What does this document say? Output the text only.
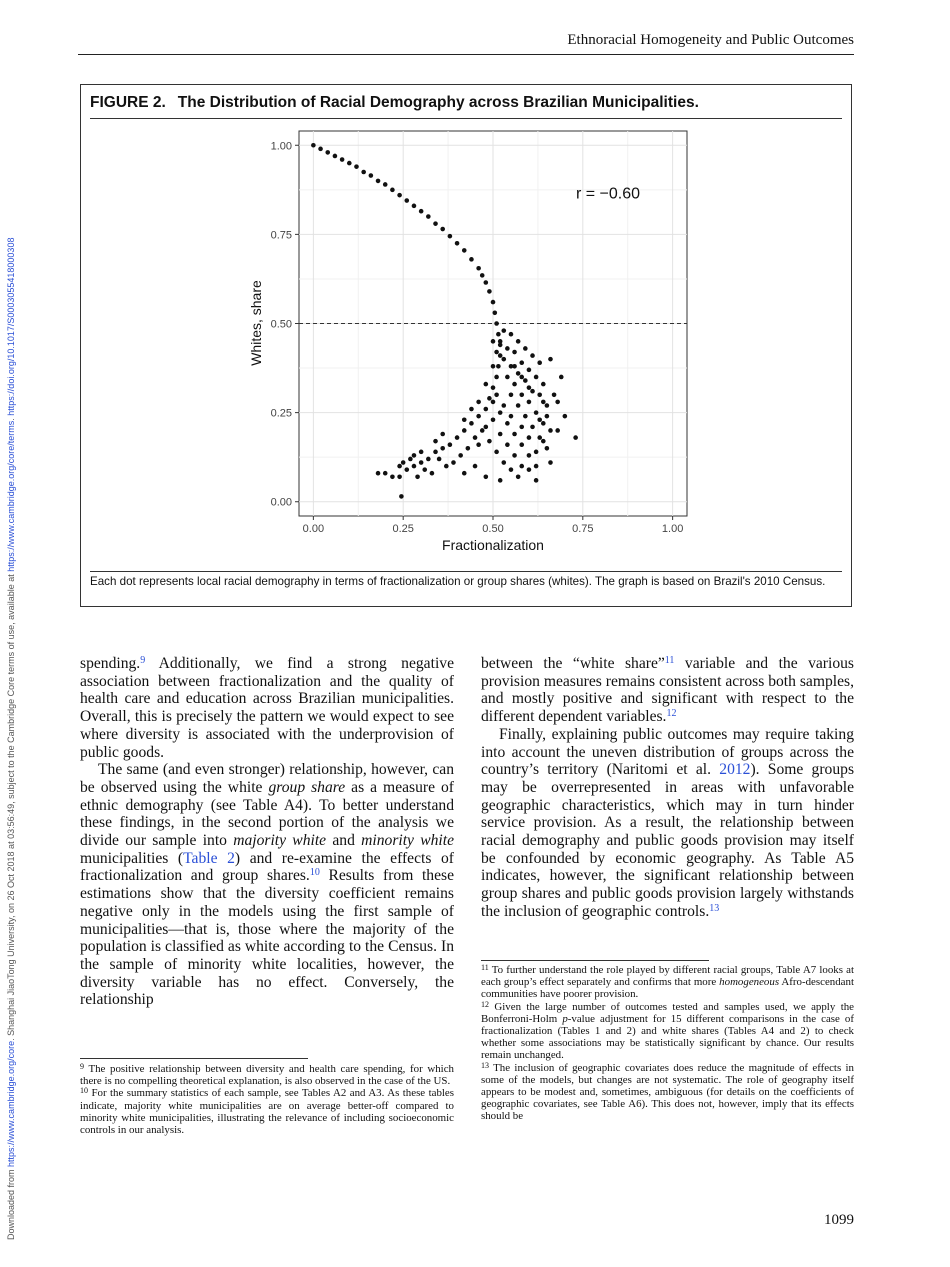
Downloaded from https://www.cambridge.org/core. Shanghai JiaoTong University, on 26 Oct 2018 at 03:56:49, subject to the Cambridge Core terms of use, available at https://www.cambridge.org/core/terms. https://doi.org/10.1017/S0003055418000308
Ethnoracial Homogeneity and Public Outcomes
FIGURE 2. The Distribution of Racial Demography across Brazilian Municipalities.
0.00	0.25	0.50	0.75	1.00
0.00
0.25
0.50
0.75
1.00
r = −0.60
Fractionalization
Whites, share
Each dot represents local racial demography in terms of fractionalization or group shares (whites). The graph is based on Brazil's 2010 Census.

spending.$^9$ Additionally, we find a strong negative association between fractionalization and the quality of health care and education across Brazilian municipalities. Overall, this is precisely the pattern we would expect to see where diversity is associated with the underprovision of public goods.

The same (and even stronger) relationship, however, can be observed using the white group share as a measure of ethnic demography (see Table A4). To better understand these findings, in the second portion of the analysis we divide our sample into majority white and minority white municipalities (Table 2) and re-examine the effects of fractionalization and group shares.$^{10}$ Results from these estimations show that the diversity coefficient remains negative only in the models using the first sample of municipalities—that is, those where the majority of the population is classified as white according to the Census. In the sample of minority white localities, however, the diversity variable has no effect. Conversely, the relationship

between the “white share”$^{11}$ variable and the various provision measures remains consistent across both samples, and mostly positive and significant with respect to the different dependent variables.$^{12}$

Finally, explaining public outcomes may require taking into account the uneven distribution of groups across the country’s territory (Naritomi et al. 2012). Some groups may be overrepresented in areas with unfavorable geographic characteristics, which may in turn hinder service provision. As a result, the relationship between racial demography and public goods provision may itself be confounded by economic geography. As Table A5 indicates, however, the significant relationship between group shares and public goods provision largely withstands the inclusion of geographic controls.$^{13}$

$^9$ The positive relationship between diversity and health care spending, for which there is no compelling theoretical explanation, is also observed in the case of the US.

$^{10}$ For the summary statistics of each sample, see Tables A2 and A3. As these tables indicate, majority white municipalities are on average better-off compared to minority white municipalities, illustrating the relevance of including socioeconomic controls in our analysis.

$^{11}$ To further understand the role played by different racial groups, Table A7 looks at each group’s effect separately and confirms that more homogeneous Afro-descendant communities have poorer provision.

$^{12}$ Given the large number of outcomes tested and samples used, we apply the Bonferroni-Holm p-value adjustment for 15 different comparisons in the case of fractionalization (Tables 1 and 2) and white shares (Tables A4 and 2) to check whether some associations may be statistically significant by chance. Our results remain unchanged.

$^{13}$ The inclusion of geographic covariates does reduce the magnitude of effects in some of the models, but changes are not systematic. The role of geography itself appears to be modest and, sometimes, ambiguous (for details on the coefficients of geographic covariates, see Table A6). This does not, however, imply that its effects should be

1099
